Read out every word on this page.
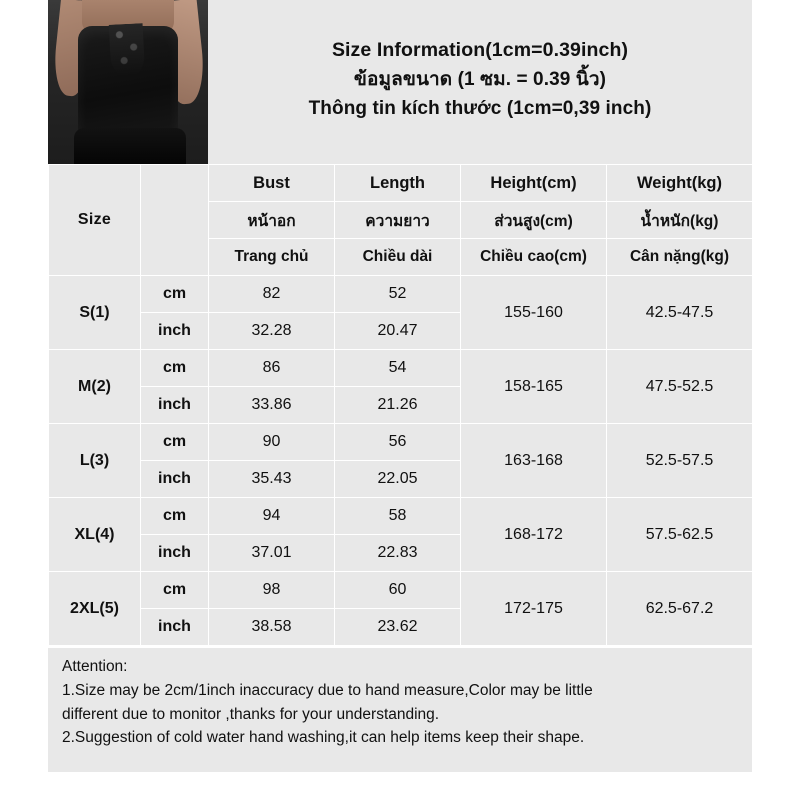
Size Information(1cm=0.39inch)
ข้อมูลขนาด (1 ซม. = 0.39 นิ้ว)
Thông tin kích thước (1cm=0,39 inch)
Size		Bust	Length	Height(cm)	Weight(kg)
		หน้าอก	ความยาว	ส่วนสูง(cm)	น้ำหนัก(kg)
		Trang chủ	Chiều dài	Chiều cao(cm)	Cân nặng(kg)
S(1)	cm	82	52	155-160	42.5-47.5
	inch	32.28	20.47		
M(2)	cm	86	54	158-165	47.5-52.5
	inch	33.86	21.26		
L(3)	cm	90	56	163-168	52.5-57.5
	inch	35.43	22.05		
XL(4)	cm	94	58	168-172	57.5-62.5
	inch	37.01	22.83		
2XL(5)	cm	98	60	172-175	62.5-67.2
	inch	38.58	23.62		
Attention:
1.Size may be 2cm/1inch inaccuracy due to hand measure,Color may be little
different due to monitor ,thanks for your understanding.
2.Suggestion of cold water hand washing,it can help items keep their shape.
